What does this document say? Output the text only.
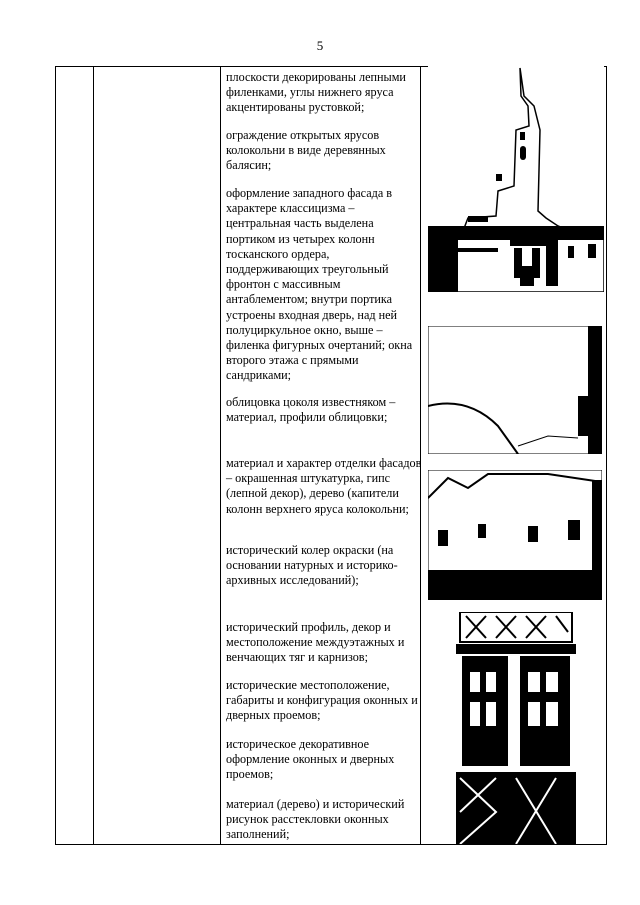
5
плоскости декорированы лепными филенками, углы нижнего яруса акцентированы рустовкой;
ограждение открытых ярусов колокольни в виде деревянных балясин;
оформление западного фасада в характере классицизма – центральная часть выделена портиком из четырех колонн тосканского ордера, поддерживающих треугольный фронтон с массивным антаблементом; внутри портика устроены входная дверь, над ней полуциркульное окно, выше – филенка фигурных очертаний; окна второго этажа с прямыми сандриками;
облицовка цоколя известняком – материал, профили облицовки;
материал и характер отделки фасадов – окрашенная штукатурка, гипс (лепной декор), дерево (капители колонн верхнего яруса колокольни;
исторический колер окраски (на основании натурных и историко-архивных исследований);
исторический профиль, декор и местоположение междуэтажных и венчающих тяг и карнизов;
исторические местоположение, габариты и конфигурация оконных и дверных проемов;
историческое декоративное оформление оконных и дверных проемов;
материал (дерево) и исторический рисунок расстекловки оконных заполнений;
